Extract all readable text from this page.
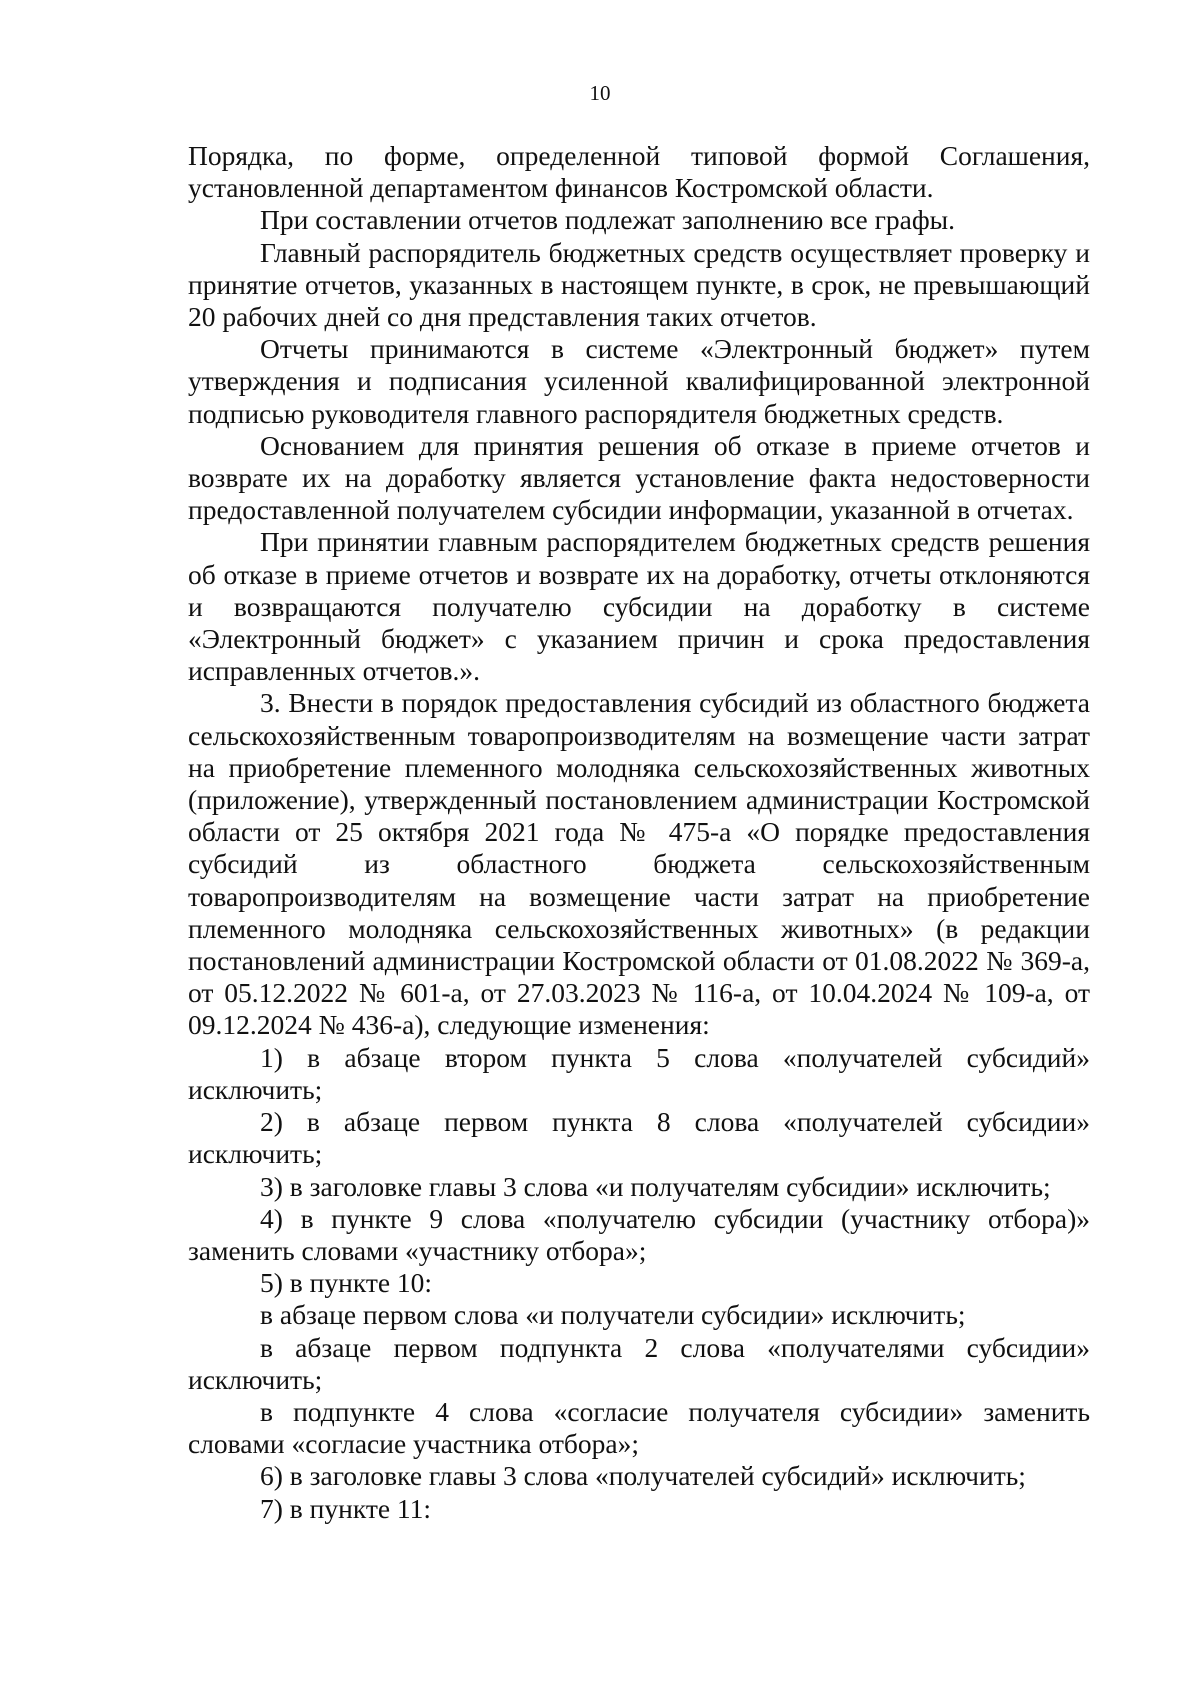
10

Порядка, по форме, определенной типовой формой Соглашения, установленной департаментом финансов Костромской области.

При составлении отчетов подлежат заполнению все графы.

Главный распорядитель бюджетных средств осуществляет проверку и принятие отчетов, указанных в настоящем пункте, в срок, не превышающий 20 рабочих дней со дня представления таких отчетов.

Отчеты принимаются в системе «Электронный бюджет» путем утверждения и подписания усиленной квалифицированной электронной подписью руководителя главного распорядителя бюджетных средств.

Основанием для принятия решения об отказе в приеме отчетов и возврате их на доработку является установление факта недостоверности предоставленной получателем субсидии информации, указанной в отчетах.

При принятии главным распорядителем бюджетных средств решения об отказе в приеме отчетов и возврате их на доработку, отчеты отклоняются и возвращаются получателю субсидии на доработку в системе «Электронный бюджет» с указанием причин и срока предоставления исправленных отчетов.».

3. Внести в порядок предоставления субсидий из областного бюджета сельскохозяйственным товаропроизводителям на возмещение части затрат на приобретение племенного молодняка сельскохозяйственных животных (приложение), утвержденный постановлением администрации Костромской области от 25 октября 2021 года № 475-а «О порядке предоставления субсидий из областного бюджета сельскохозяйственным товаропроизводителям на возмещение части затрат на приобретение племенного молодняка сельскохозяйственных животных» (в редакции постановлений администрации Костромской области от 01.08.2022 № 369-а, от 05.12.2022 № 601-а, от 27.03.2023 № 116-а, от 10.04.2024 № 109-а, от 09.12.2024 № 436-а), следующие изменения:

1) в абзаце втором пункта 5 слова «получателей субсидий» исключить;

2) в абзаце первом пункта 8 слова «получателей субсидии» исключить;

3) в заголовке главы 3 слова «и получателям субсидии» исключить;

4) в пункте 9 слова «получателю субсидии (участнику отбора)» заменить словами «участнику отбора»;

5) в пункте 10:

в абзаце первом слова «и получатели субсидии» исключить;

в абзаце первом подпункта 2 слова «получателями субсидии» исключить;

в подпункте 4 слова «согласие получателя субсидии» заменить словами «согласие участника отбора»;

6) в заголовке главы 3 слова «получателей субсидий» исключить;

7) в пункте 11:
